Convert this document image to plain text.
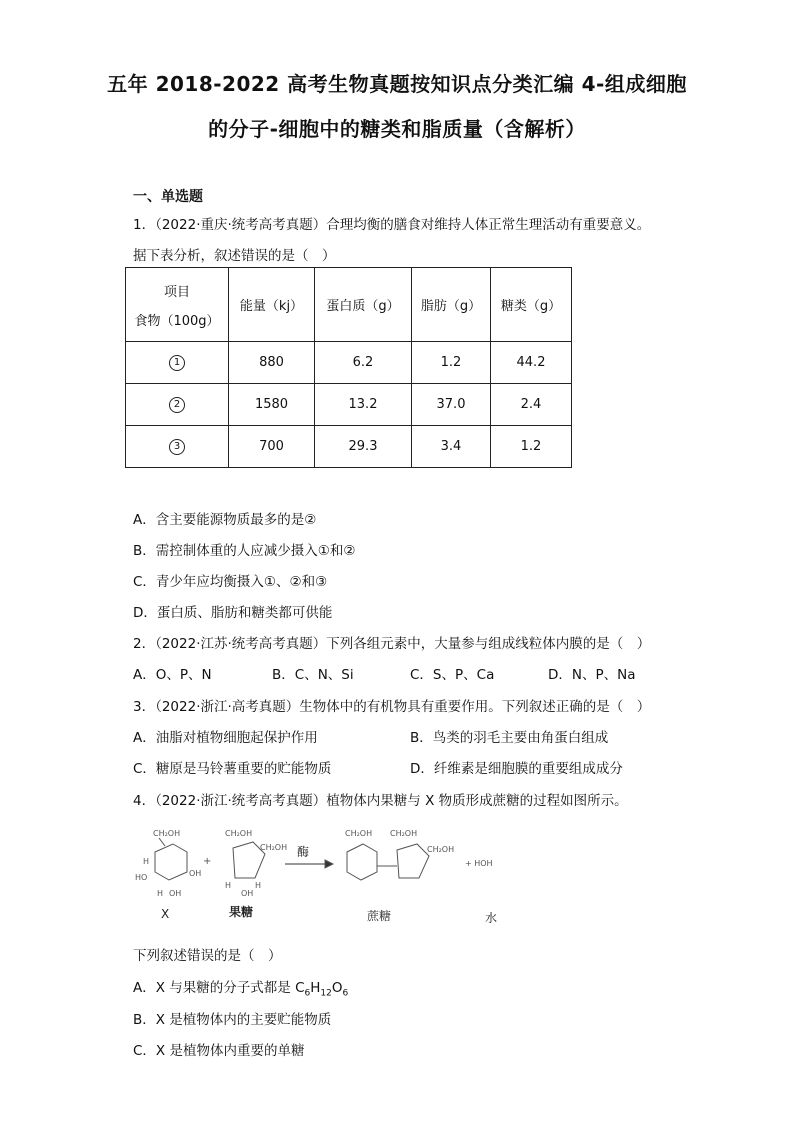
五年 2018-2022 高考生物真题按知识点分类汇编 4-组成细胞
的分子-细胞中的糖类和脂质量（含解析）
一、单选题
1．（2022·重庆·统考高考真题）合理均衡的膳食对维持人体正常生理活动有重要意义。
据下表分析，叙述错误的是（　）
项目
食物（100g）	能量（kj）	蛋白质（g）	脂肪（g）	糖类（g）
1	880	6.2	1.2	44.2
2	1580	13.2	37.0	2.4
3	700	29.3	3.4	1.2
A．含主要能源物质最多的是②
B．需控制体重的人应减少摄入①和②
C．青少年应均衡摄入①、②和③
D．蛋白质、脂肪和糖类都可供能
2．（2022·江苏·统考高考真题）下列各组元素中，大量参与组成线粒体内膜的是（　）
A．O、P、N	B．C、N、Si	C．S、P、Ca	D．N、P、Na
3．（2022·浙江·高考真题）生物体中的有机物具有重要作用。下列叙述正确的是（　）
A．油脂对植物细胞起保护作用	B．鸟类的羽毛主要由角蛋白组成
C．糖原是马铃薯重要的贮能物质	D．纤维素是细胞膜的重要组成成分
4．（2022·浙江·统考高考真题）植物体内果糖与 X 物质形成蔗糖的过程如图所示。
CH₂OH
H
HO	OH
H OH
+
CH₂OH
CH₂OH
H
OH
H
酶
CH₂OH CH₂OH
CH₂OH
+ HOH
X	果糖	蔗糖	水
下列叙述错误的是（　）
A．X 与果糖的分子式都是 $C_6H_{12}O_6$
B．X 是植物体内的主要贮能物质
C．X 是植物体内重要的单糖
